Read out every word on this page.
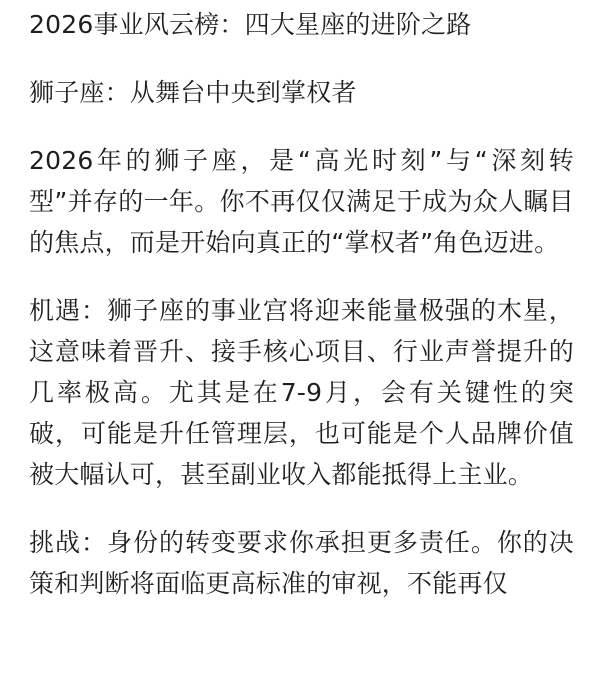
2026事业风云榜：四大星座的进阶之路

狮子座：从舞台中央到掌权者

2026年的狮子座，是“高光时刻”与“深刻转型”并存的一年。你不再仅仅满足于成为众人瞩目的焦点，而是开始向真正的“掌权者”角色迈进。

机遇：狮子座的事业宫将迎来能量极强的木星，这意味着晋升、接手核心项目、行业声誉提升的几率极高。尤其是在7-9月，会有关键性的突破，可能是升任管理层，也可能是个人品牌价值被大幅认可，甚至副业收入都能抵得上主业。

挑战：身份的转变要求你承担更多责任。你的决策和判断将面临更高标准的审视，不能再仅
